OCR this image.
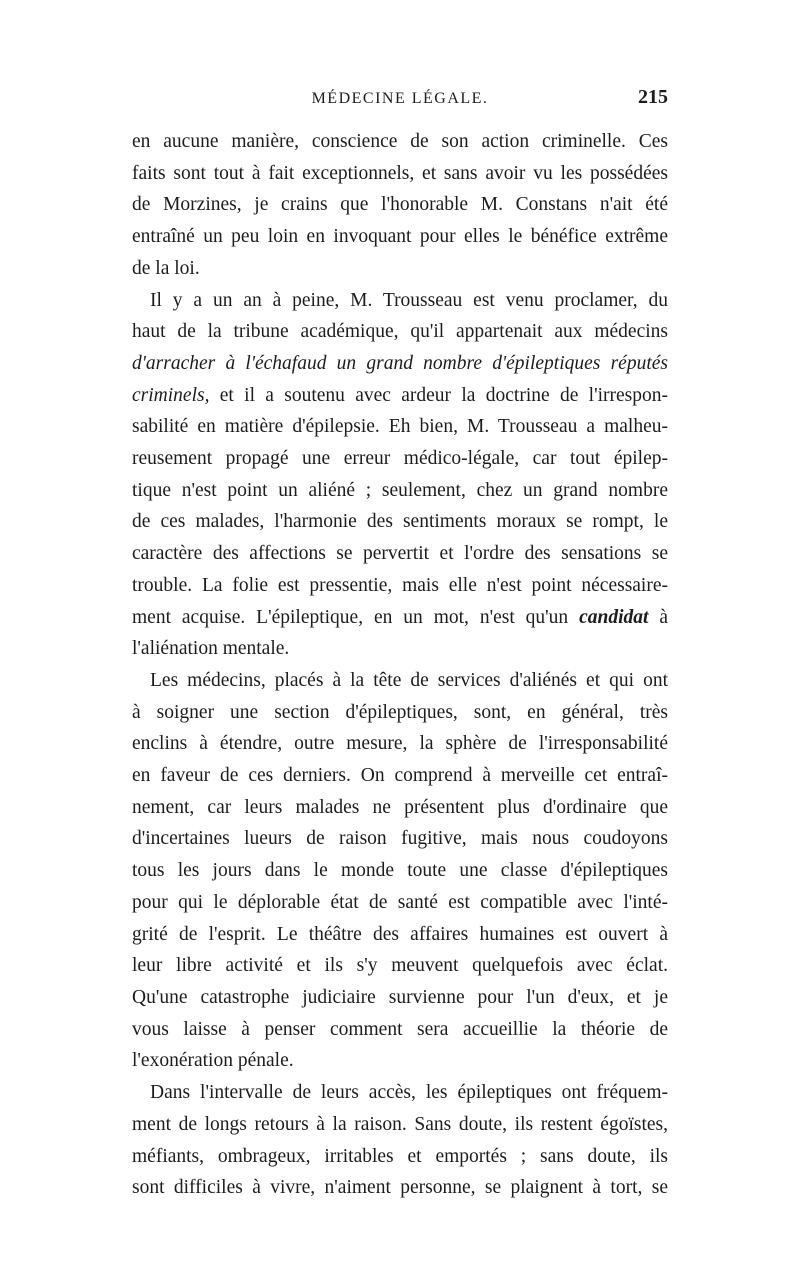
MÉDECINE LÉGALE.	215
en aucune manière, conscience de son action criminelle. Ces
faits sont tout à fait exceptionnels, et sans avoir vu les possédées
de Morzines, je crains que l'honorable M. Constans n'ait été
entraîné un peu loin en invoquant pour elles le bénéfice extrême
de la loi.
Il y a un an à peine, M. Trousseau est venu proclamer, du
haut de la tribune académique, qu'il appartenait aux médecins
d'arracher à l'échafaud un grand nombre d'épileptiques réputés
criminels, et il a soutenu avec ardeur la doctrine de l'irrespon-
sabilité en matière d'épilepsie. Eh bien, M. Trousseau a malheu-
reusement propagé une erreur médico-légale, car tout épilep-
tique n'est point un aliéné ; seulement, chez un grand nombre
de ces malades, l'harmonie des sentiments moraux se rompt, le
caractère des affections se pervertit et l'ordre des sensations se
trouble. La folie est pressentie, mais elle n'est point nécessaire-
ment acquise. L'épileptique, en un mot, n'est qu'un candidat à
l'aliénation mentale.
Les médecins, placés à la tête de services d'aliénés et qui ont
à soigner une section d'épileptiques, sont, en général, très
enclins à étendre, outre mesure, la sphère de l'irresponsabilité
en faveur de ces derniers. On comprend à merveille cet entraî-
nement, car leurs malades ne présentent plus d'ordinaire que
d'incertaines lueurs de raison fugitive, mais nous coudoyons
tous les jours dans le monde toute une classe d'épileptiques
pour qui le déplorable état de santé est compatible avec l'inté-
grité de l'esprit. Le théâtre des affaires humaines est ouvert à
leur libre activité et ils s'y meuvent quelquefois avec éclat.
Qu'une catastrophe judiciaire survienne pour l'un d'eux, et je
vous laisse à penser comment sera accueillie la théorie de
l'exonération pénale.
Dans l'intervalle de leurs accès, les épileptiques ont fréquem-
ment de longs retours à la raison. Sans doute, ils restent égoïstes,
méfiants, ombrageux, irritables et emportés ; sans doute, ils
sont difficiles à vivre, n'aiment personne, se plaignent à tort, se
